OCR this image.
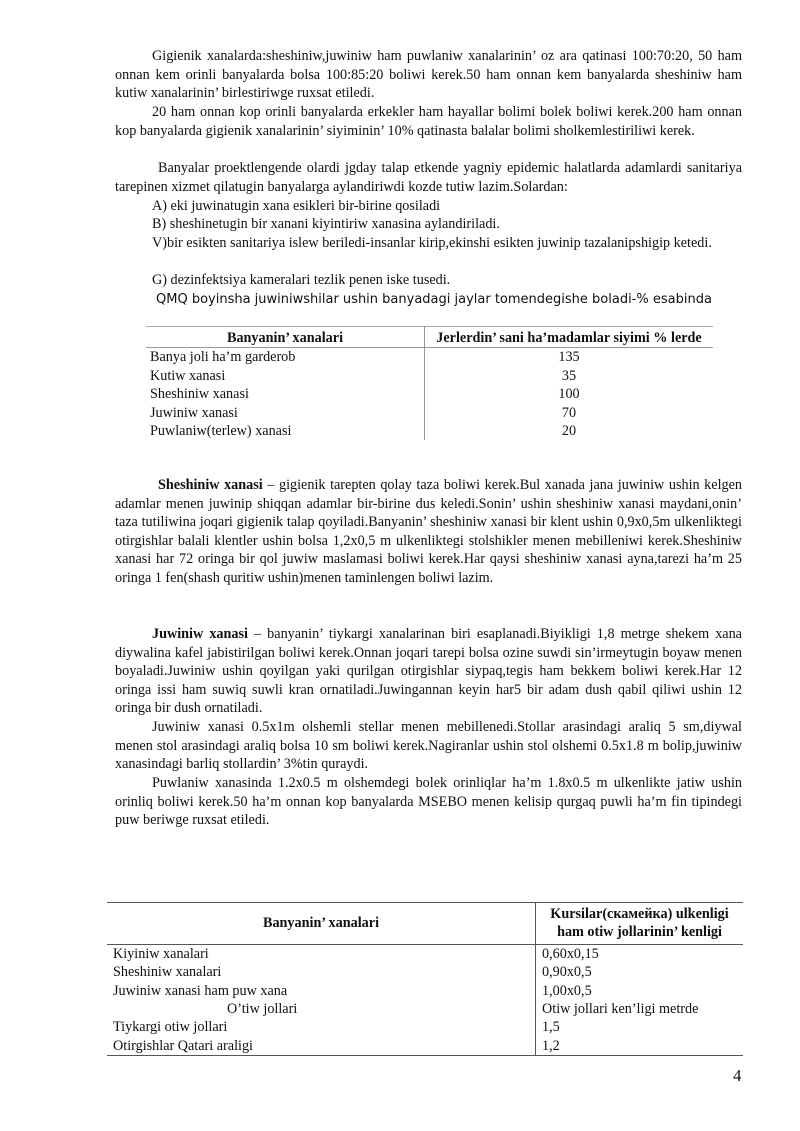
Gigienik xanalarda:sheshiniw,juwiniw ham puwlaniw xanalarinin’ oz ara qatinasi 100:70:20, 50 ham onnan kem orinli banyalarda bolsa 100:85:20 boliwi kerek.50 ham onnan kem banyalarda sheshiniw ham kutiw xanalarinin’ birlestiriwge ruxsat etiledi.

20 ham onnan kop orinli banyalarda erkekler ham hayallar bolimi bolek boliwi kerek.200 ham onnan kop banyalarda gigienik xanalarinin’ siyiminin’ 10% qatinasta balalar bolimi sholkemlestiriliwi kerek.

Banyalar proektlengende olardi jgday talap etkende yagniy epidemic halatlarda adamlardi sanitariya tarepinen xizmet qilatugin banyalarga aylandiriwdi kozde tutiw lazim.Solardan:

A) eki juwinatugin xana esikleri bir-birine qosiladi
B) sheshinetugin bir xanani kiyintiriw xanasina aylandiriladi.

V)bir esikten sanitariya islew beriledi-insanlar kirip,ekinshi esikten juwinip tazalanipshigip ketedi.

G) dezinfektsiya kameralari tezlik penen iske tusedi.
QMQ boyinsha juwiniwshilar ushin banyadagi jaylar tomendegishe boladi-% esabinda
Banyanin’ xanalari	Jerlerdin’ sani ha’madamlar siyimi % lerde
Banya joli ha’m garderob	135
Kutiw xanasi	35
Sheshiniw xanasi	100
Juwiniw xanasi	70
Puwlaniw(terlew) xanasi	20

Sheshiniw xanasi – gigienik tarepten qolay taza boliwi kerek.Bul xanada jana juwiniw ushin kelgen adamlar menen juwinip shiqqan adamlar bir-birine dus keledi.Sonin’ ushin sheshiniw xanasi maydani,onin’ taza tutiliwina joqari gigienik talap qoyiladi.Banyanin’ sheshiniw xanasi bir klent ushin 0,9x0,5m ulkenliktegi otirgishlar balali klentler ushin bolsa 1,2x0,5 m ulkenliktegi stolshikler menen mebilleniwi kerek.Sheshiniw xanasi har 72 oringa bir qol juwiw maslamasi boliwi kerek.Har qaysi sheshiniw xanasi ayna,tarezi ha’m 25 oringa 1 fen(shash quritiw ushin)menen taminlengen boliwi lazim.

Juwiniw xanasi – banyanin’ tiykargi xanalarinan biri esaplanadi.Biyikligi 1,8 metrge shekem xana diywalina kafel jabistirilgan boliwi kerek.Onnan joqari tarepi bolsa ozine suwdi sin’irmeytugin boyaw menen boyaladi.Juwiniw ushin qoyilgan yaki qurilgan otirgishlar siypaq,tegis ham bekkem boliwi kerek.Har 12 oringa issi ham suwiq suwli kran ornatiladi.Juwingannan keyin har5 bir adam dush qabil qiliwi ushin 12 oringa bir dush ornatiladi.

Juwiniw xanasi 0.5x1m olshemli stellar menen mebillenedi.Stollar arasindagi araliq 5 sm,diywal menen stol arasindagi araliq bolsa 10 sm boliwi kerek.Nagiranlar ushin stol olshemi 0.5x1.8 m bolip,juwiniw xanasindagi barliq stollardin’ 3%tin quraydi.

Puwlaniw xanasinda 1.2x0.5 m olshemdegi bolek orinliqlar ha’m 1.8x0.5 m ulkenlikte jatiw ushin orinliq boliwi kerek.50 ha’m onnan kop banyalarda MSEBO menen kelisip qurgaq puwli ha’m fin tipindegi puw beriwge ruxsat etiledi.

Banyanin’ xanalari	Kursilar(скамейка) ulkenligi ham otiw jollarinin’ kenligi
Kiyiniw xanalari	0,60x0,15
Sheshiniw xanalari	0,90x0,5
Juwiniw xanasi ham puw xana	1,00x0,5
O’tiw jollari	Otiw jollari ken’ligi metrde
Tiykargi otiw jollari	1,5
Otirgishlar Qatari araligi	1,2
4
